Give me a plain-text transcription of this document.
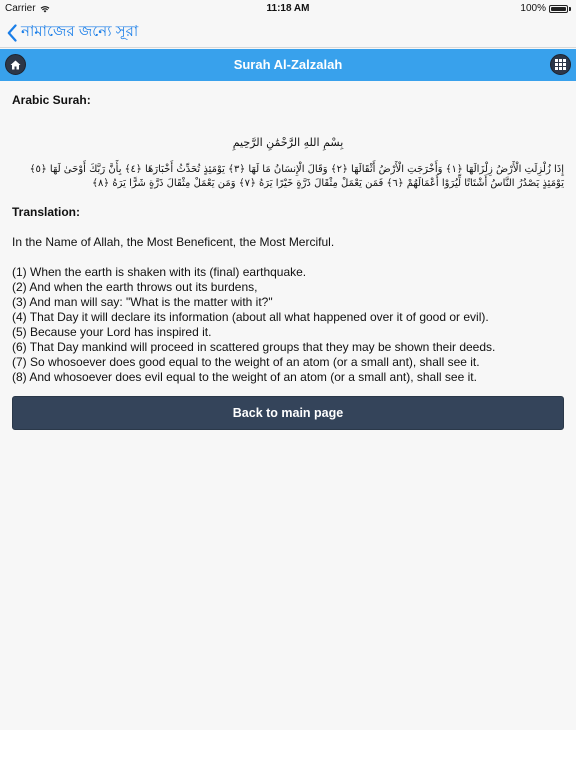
Carrier	11:18 AM	100%
নামাজের জন্যে সূরা
Surah Al-Zalzalah
Arabic Surah:
بِسْمِ اللهِ الرَّحْمَٰنِ الرَّحِيمِ
إِذَا زُلْزِلَتِ الْأَرْضُ زِلْزَالَهَا ﴿١﴾ وَأَخْرَجَتِ الْأَرْضُ أَثْقَالَهَا ﴿٢﴾ وَقَالَ الْإِنسَانُ مَا لَهَا ﴿٣﴾ يَوْمَئِذٍ تُحَدِّثُ أَخْبَارَهَا ﴿٤﴾ بِأَنَّ رَبَّكَ أَوْحَىٰ لَهَا ﴿٥﴾ يَوْمَئِذٍ يَصْدُرُ النَّاسُ أَشْتَاتًا لِّيُرَوْا أَعْمَالَهُمْ ﴿٦﴾ فَمَن يَعْمَلْ مِثْقَالَ ذَرَّةٍ خَيْرًا يَرَهُ ﴿٧﴾ وَمَن يَعْمَلْ مِثْقَالَ ذَرَّةٍ شَرًّا يَرَهُ ﴿٨﴾
Translation:
In the Name of Allah, the Most Beneficent, the Most Merciful.
(1) When the earth is shaken with its (final) earthquake.
(2) And when the earth throws out its burdens,
(3) And man will say: "What is the matter with it?"
(4) That Day it will declare its information (about all what happened over it of good or evil).
(5) Because your Lord has inspired it.
(6) That Day mankind will proceed in scattered groups that they may be shown their deeds.
(7) So whosoever does good equal to the weight of an atom (or a small ant), shall see it.
(8) And whosoever does evil equal to the weight of an atom (or a small ant), shall see it.
Back to main page
